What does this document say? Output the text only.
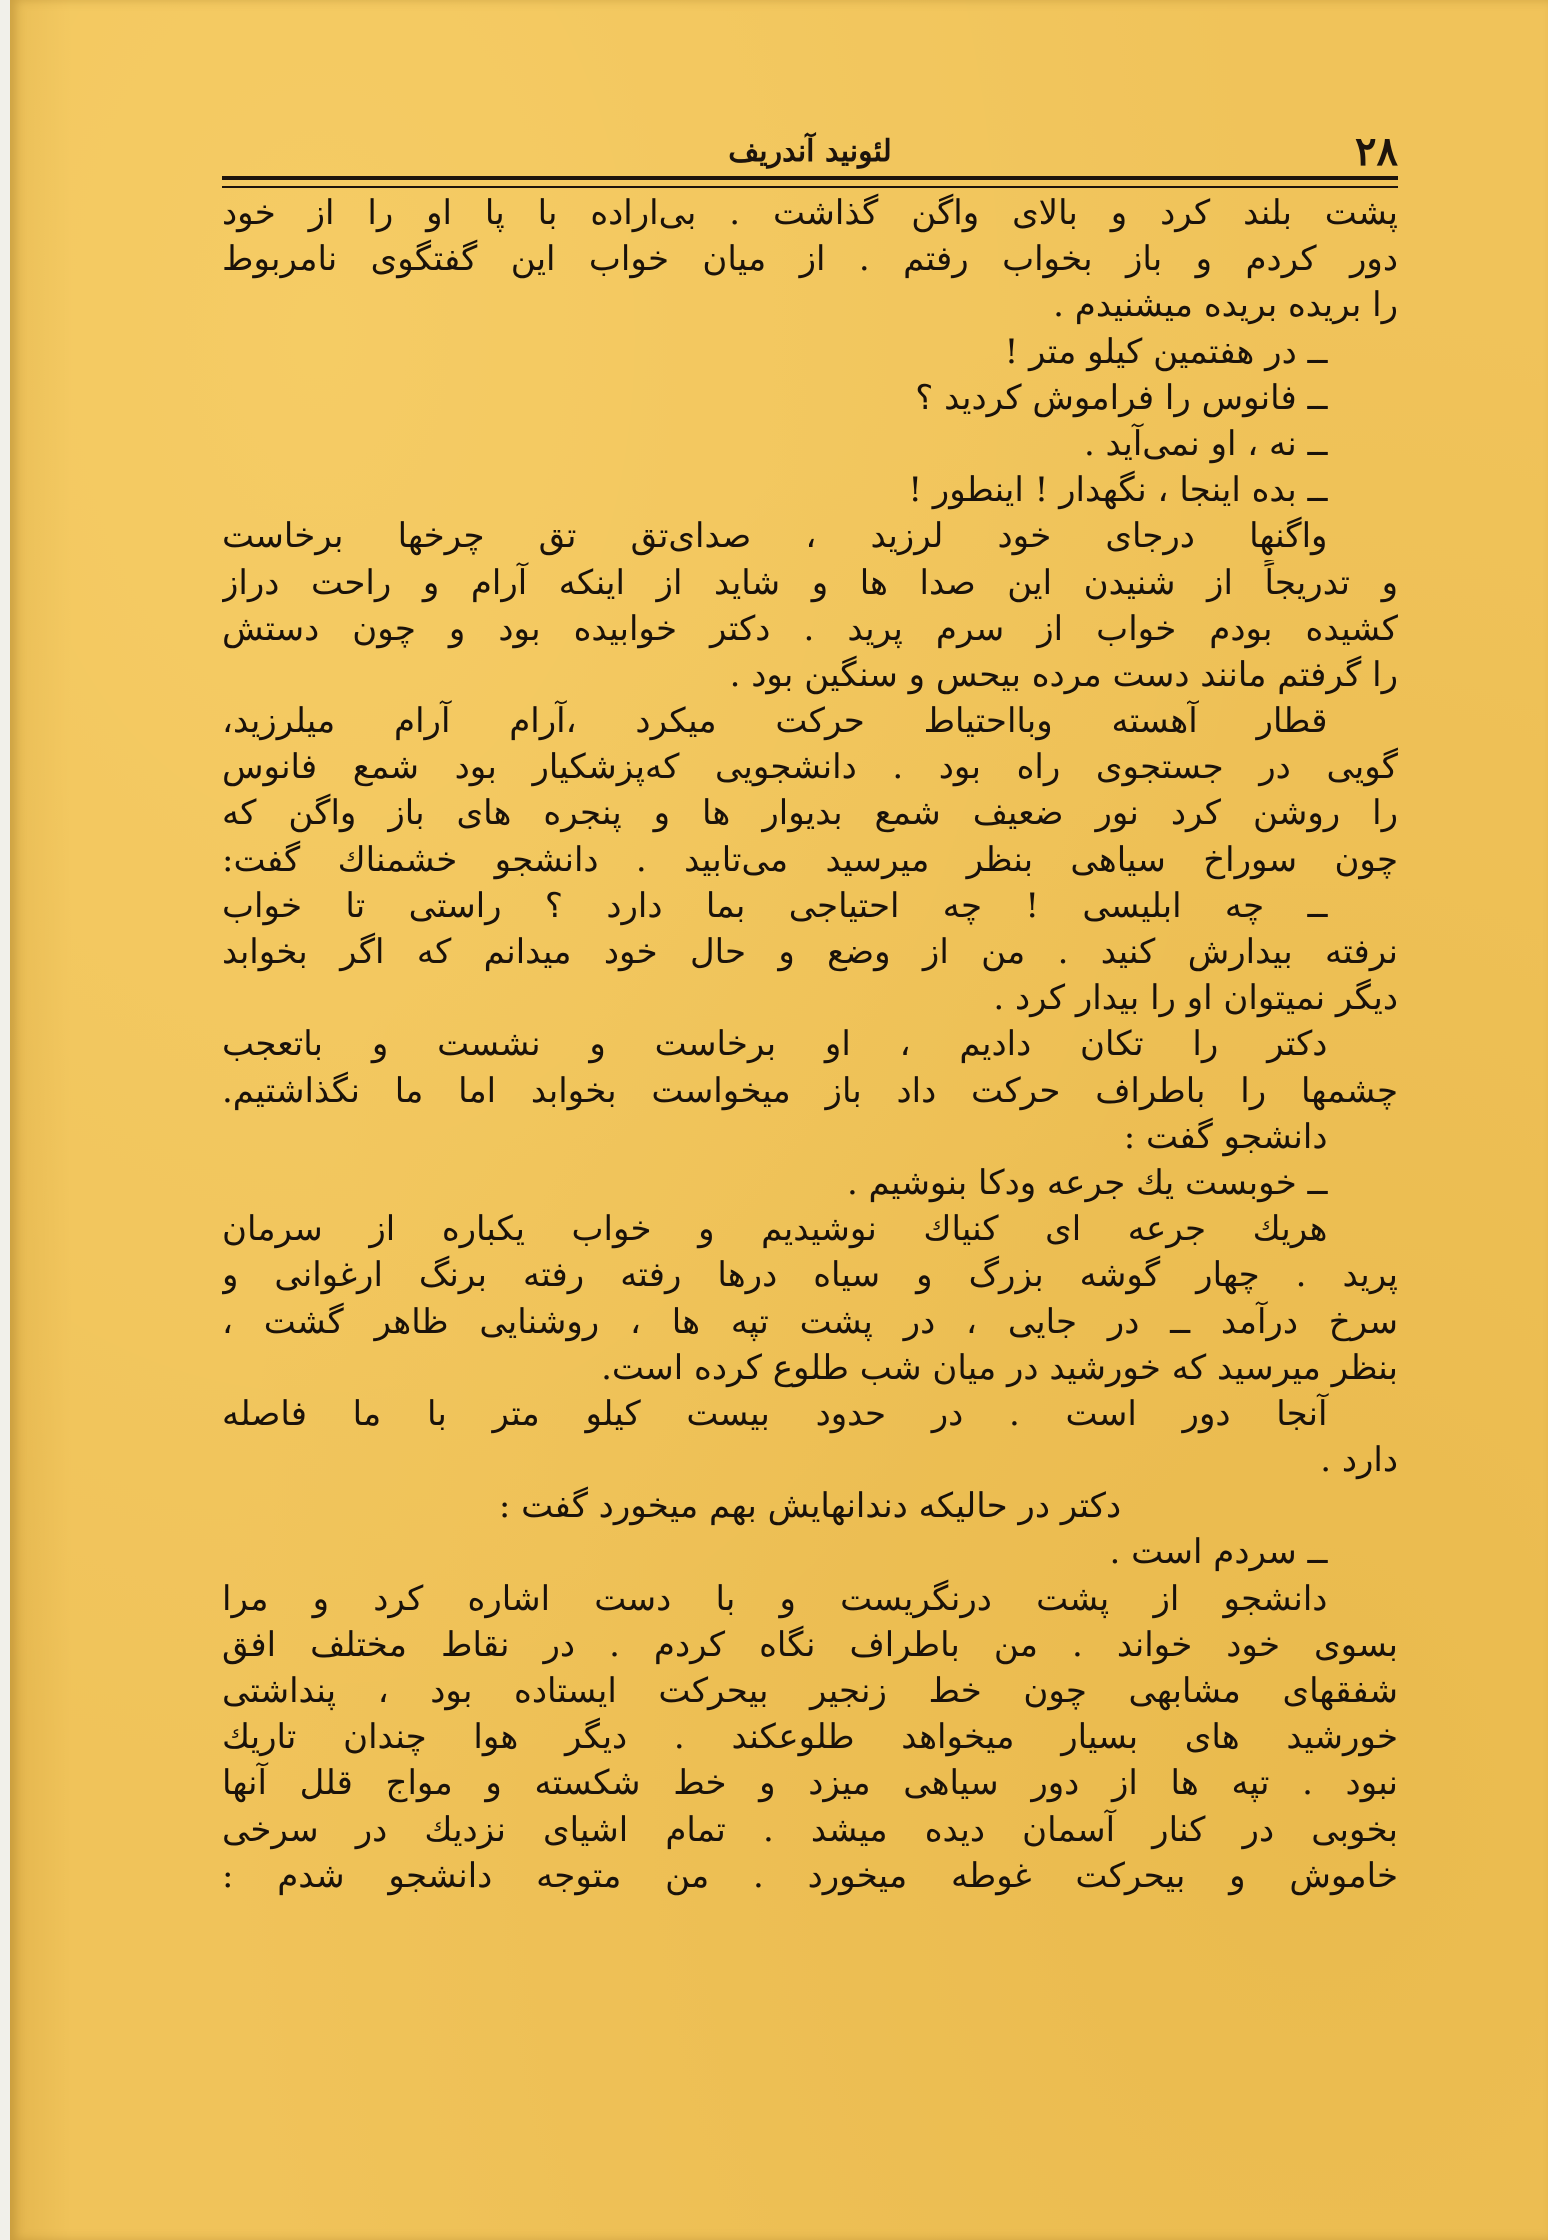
۲۸
لئونید آندریف
پشت بلند کرد و بالای واگن گذاشت . بی‌اراده با پا او را از خود
دور کردم و باز بخواب رفتم . از میان خواب این گفتگوی نامربوط
را بریده بریده میشنیدم .
ــ در هفتمین کیلو متر !
ــ فانوس را فراموش کردید ؟
ــ نه ، او نمی‌آید .
ــ بده اینجا ، نگهدار ! اینطور !
واگنها درجای خود لرزید ، صدای‌تق تق چرخها برخاست
و تدریجاً از شنیدن این صدا ها و شاید از اینکه آرام و راحت دراز
کشیده بودم خواب از سرم پرید . دکتر خوابیده بود و چون دستش
را گرفتم مانند دست مرده بیحس و سنگین بود .
قطار آهسته وبااحتیاط حرکت میکرد ،آرام آرام میلرزید،
گویی در جستجوی راه بود . دانشجویی که‌پزشکیار بود شمع فانوس
را روشن کرد نور ضعیف شمع بدیوار ها و پنجره های باز واگن که
چون سوراخ سیاهی بنظر میرسید می‌تابید . دانشجو خشمناك گفت:
ــ چه ابلیسی ! چه احتیاجی بما دارد ؟ راستی تا خواب
نرفته بیدارش کنید . من از وضع و حال خود میدانم که اگر بخوابد
دیگر نمیتوان او را بیدار کرد .
دکتر را تکان دادیم ، او برخاست و نشست و باتعجب
چشمها را باطراف حرکت داد باز میخواست بخوابد اما ما نگذاشتیم.
دانشجو گفت :
ــ خوبست یك جرعه ودکا بنوشیم .
هریك جرعه ای کنیاك نوشیدیم و خواب یکباره از سرمان
پرید . چهار گوشه بزرگ و سیاه درها رفته رفته برنگ ارغوانی و
سرخ درآمد ــ در جایی ، در پشت تپه ها ، روشنایی ظاهر گشت ،
بنظر میرسید که خورشید در میان شب طلوع کرده است.
آنجا دور است . در حدود بیست کیلو متر با ما فاصله
دارد .
دکتر در حالیکه دندانهایش بهم میخورد گفت :
ــ سردم است .
دانشجو از پشت درنگریست و با دست اشاره کرد و مرا
بسوی خود خواند . من باطراف نگاه کردم . در نقاط مختلف افق
شفقهای مشابهی چون خط زنجیر بیحرکت ایستاده بود ، پنداشتی
خورشید های بسیار میخواهد طلوعکند . دیگر هوا چندان تاریك
نبود . تپه ها از دور سیاهی میزد و خط شکسته و مواج قلل آنها
بخوبی در کنار آسمان دیده میشد . تمام اشیای نزدیك در سرخی
خاموش و بیحرکت غوطه میخورد . من متوجه دانشجو شدم :
